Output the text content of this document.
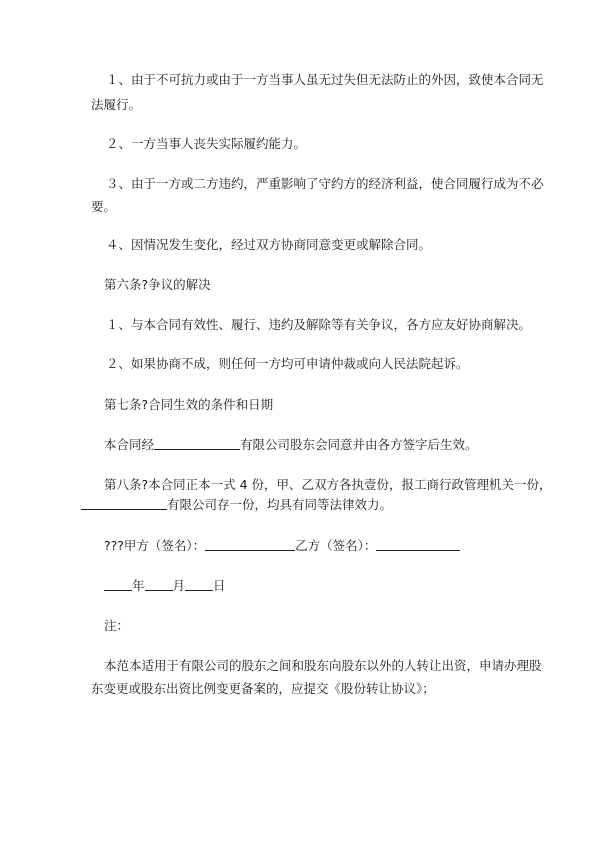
１、由于不可抗力或由于一方当事人虽无过失但无法防止的外因，致使本合同无

法履行。

２、一方当事人丧失实际履约能力。

３、由于一方或二方违约，严重影响了守约方的经济利益，使合同履行成为不必

要。

４、因情况发生变化，经过双方协商同意变更或解除合同。

第六条?争议的解决

１、与本合同有效性、履行、违约及解除等有关争议，各方应友好协商解决。

２、如果协商不成，则任何一方均可申请仲裁或向人民法院起诉。

第七条?合同生效的条件和日期

本合同经	有限公司股东会同意并由各方签字后生效。

第八条?本合同正本一式 4 份，甲、乙双方各执壹份，报工商行政管理机关一份，

有限公司存一份，均具有同等法律效力。

???甲方（签名）：	乙方（签名）：

年 月 日

注：

本范本适用于有限公司的股东之间和股东向股东以外的人转让出资，申请办理股

东变更或股东出资比例变更备案的，应提交《股份转让协议》；
